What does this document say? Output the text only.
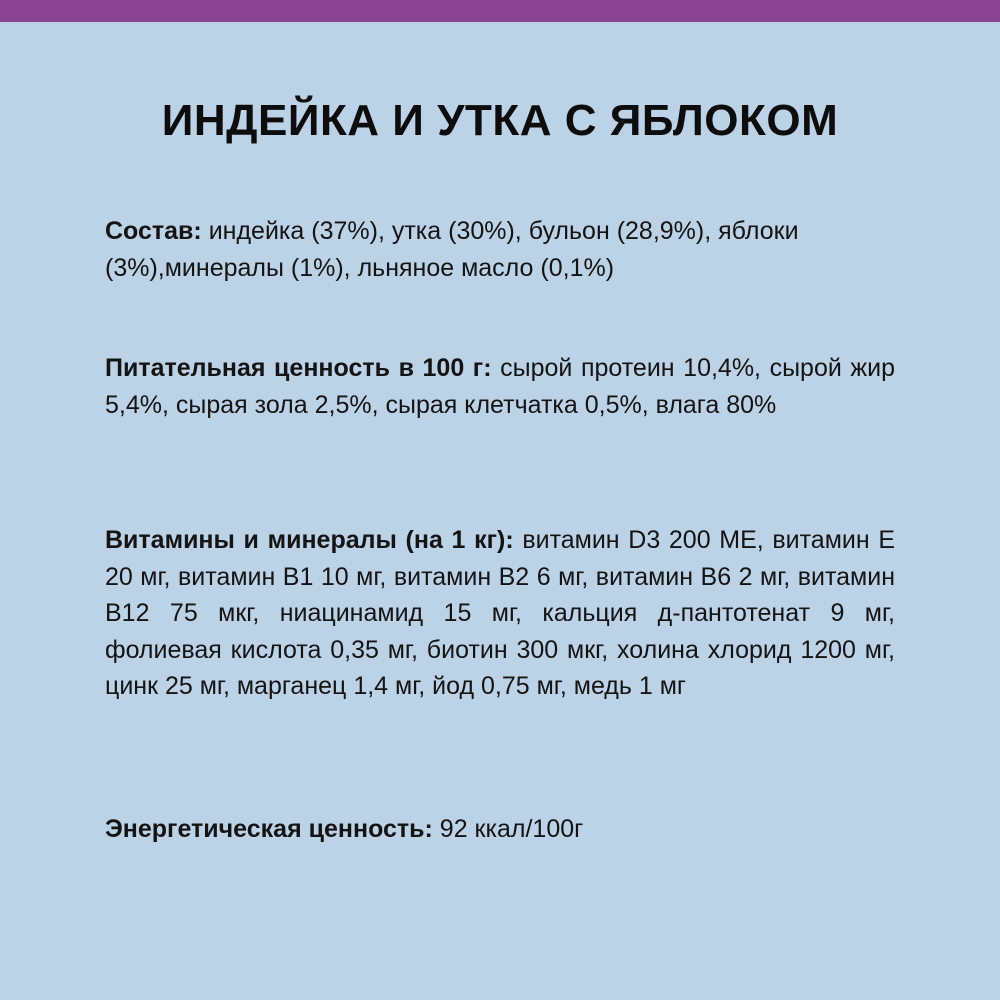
ИНДЕЙКА И УТКА С ЯБЛОКОМ

Состав: индейка (37%), утка (30%), бульон (28,9%), яблоки (3%),минералы (1%), льняное масло (0,1%)

Питательная ценность в 100 г: сырой протеин 10,4%, сырой жир 5,4%, сырая зола 2,5%, сырая клетчатка 0,5%, влага 80%

Витамины и минералы (на 1 кг): витамин D3 200 МЕ, витамин Е 20 мг, витамин В1 10 мг, витамин В2 6 мг, витамин В6 2 мг, витамин В12 75 мкг, ниацинамид 15 мг, кальция д-пантотенат 9 мг, фолиевая кислота 0,35 мг, биотин 300 мкг, холина хлорид 1200 мг, цинк 25 мг, марганец 1,4 мг, йод 0,75 мг, медь 1 мг

Энергетическая ценность: 92 ккал/100г
